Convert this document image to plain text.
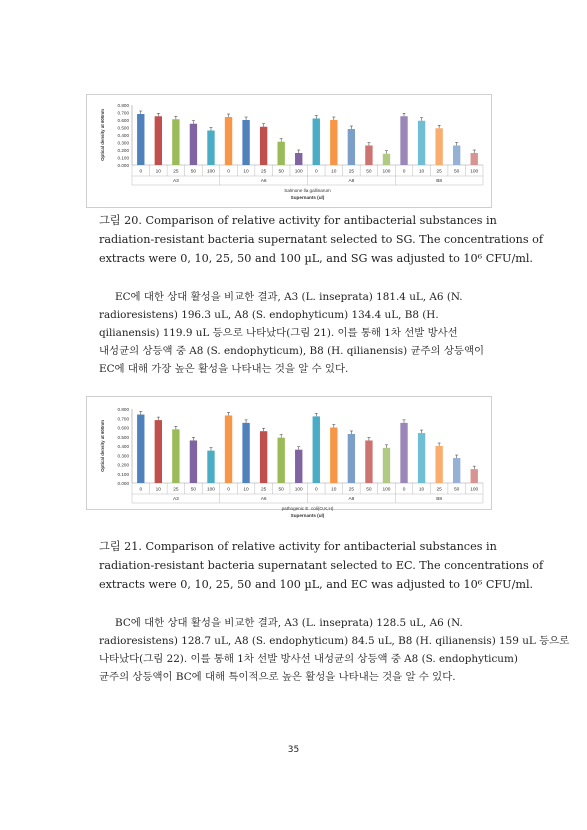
0.000
0.100
0.200
0.300
0.400
0.500
0.600
0.700
0.800
Optical density at 600nm
0	10	25	50 100	0	10	25	50 100	0	10	25	50 100	0	10	25	50 100
A3	A6	A8	B8
Salmone lla gallinarum
Supernants (ul)
그림 20. Comparison of relative activity for antibacterial substances in
radiation-resistant bacteria supernatant selected to SG. The concentrations of
extracts were 0, 10, 25, 50 and 100 µL, and SG was adjusted to 10⁶ CFU/ml.
EC에 대한 상대 활성을 비교한 결과, A3 (L. inseprata) 181.4 uL, A6 (N.
radioresistens) 196.3 uL, A8 (S. endophyticum) 134.4 uL, B8 (H.
qilianensis) 119.9 uL 등으로 나타났다(그림 21). 이를 통해 1차 선발 방사선
내성균의 상등액 중 A8 (S. endophyticum), B8 (H. qilianensis) 균주의 상등액이
EC에 대해 가장 높은 활성을 나타내는 것을 알 수 있다.
0.000
0.100
0.200
0.300
0.400
0.500
0.600
0.700
0.800
Optical density at 600nm
0	10	25	50 100	0	10	25	50 100	0	10	25	50 100	0	10	25	50 100
A3	A6	A8	B8
pathogenic E. coli(O,K,H)
Supernants (ul)
그림 21. Comparison of relative activity for antibacterial substances in
radiation-resistant bacteria supernatant selected to EC. The concentrations of
extracts were 0, 10, 25, 50 and 100 µL, and EC was adjusted to 10⁶ CFU/ml.
BC에 대한 상대 활성을 비교한 결과, A3 (L. inseprata) 128.5 uL, A6 (N.
radioresistens) 128.7 uL, A8 (S. endophyticum) 84.5 uL, B8 (H. qilianensis) 159 uL 등으로
나타났다(그림 22). 이를 통해 1차 선발 방사선 내성균의 상등액 중 A8 (S. endophyticum)
균주의 상등액이 BC에 대해 특이적으로 높은 활성을 나타내는 것을 알 수 있다.
35
